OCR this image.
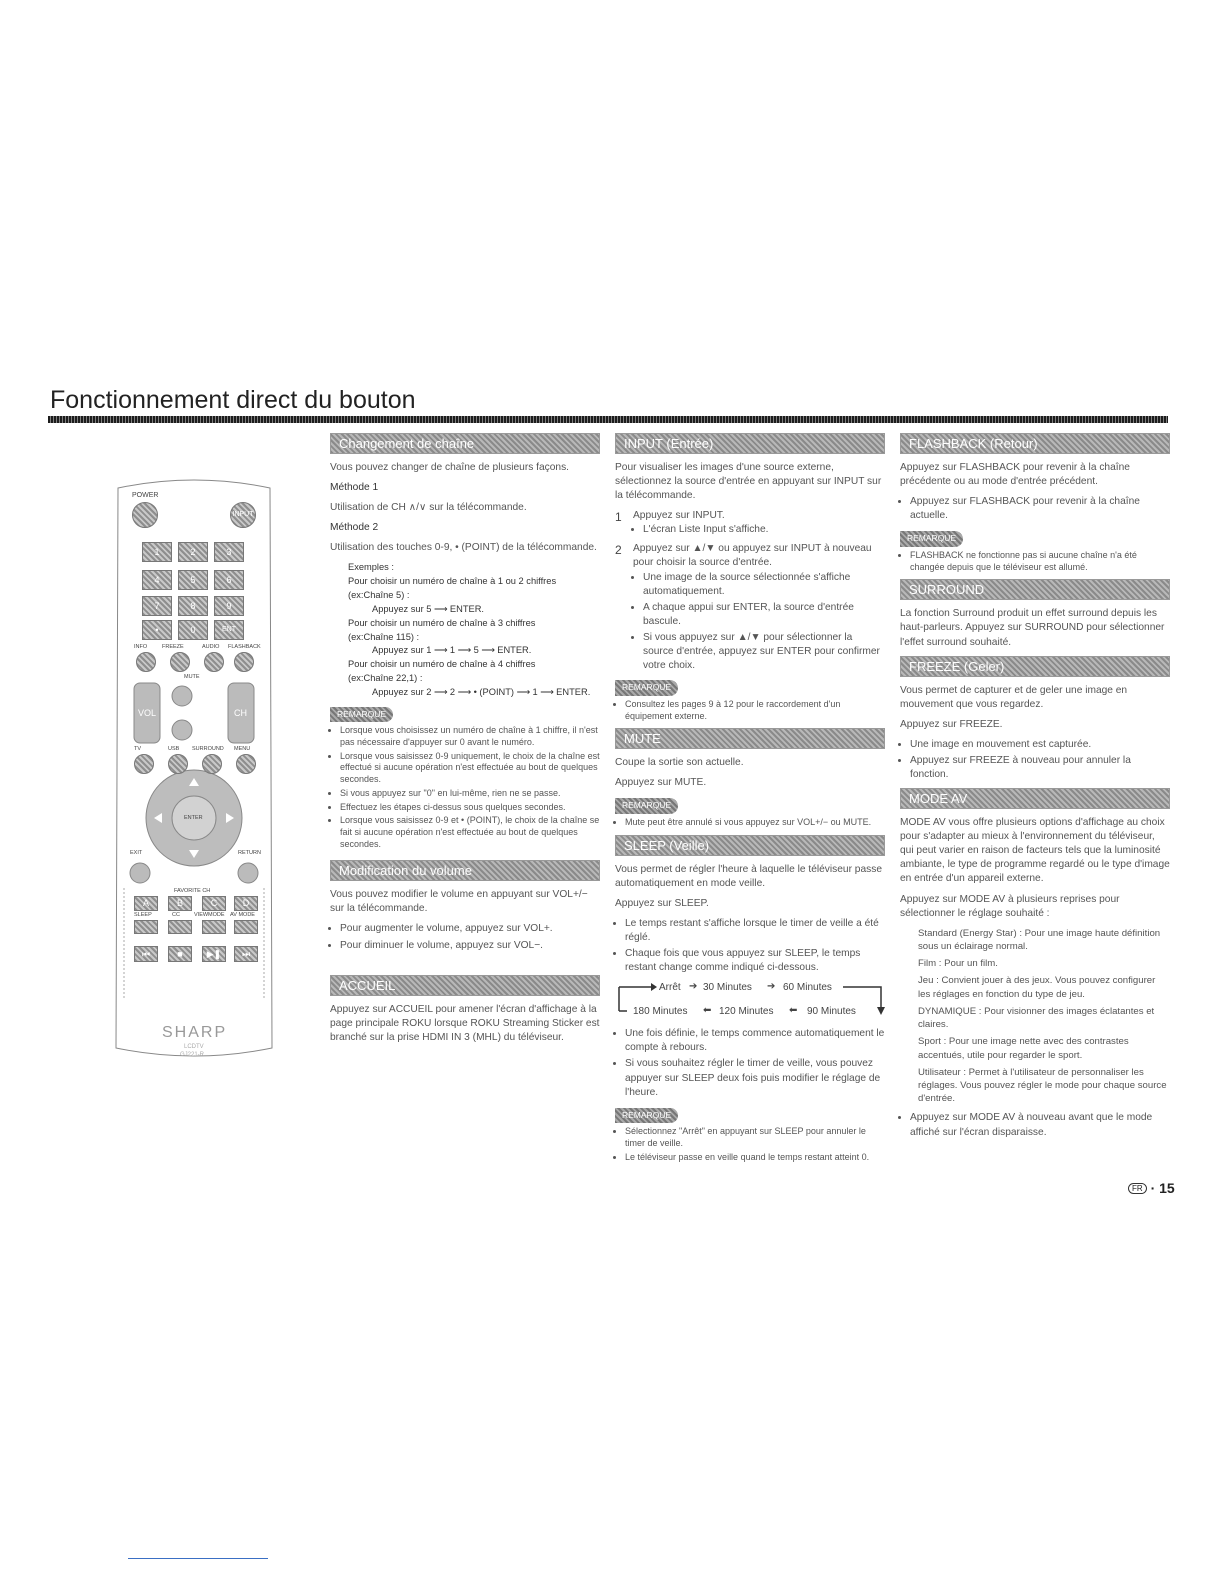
Fonctionnement direct du bouton
POWER
INPUT
1	2	3
4	5	6
7	8	9
•	0	ENT
INFO	FREEZE	AUDIO FLASHBACK
MUTE
VOL	CH
TV	USB SURROUND MENU
ENTER
EXIT	RETURN
FAVORITE CH
A	B	C	D
SLEEP	CC	VIEWMODE AV MODE
⏮	■	▶❚	⏭
SHARP
LCDTV
GJ221-R
Changement de chaîne

Vous pouvez changer de chaîne de plusieurs façons.

Méthode 1

Utilisation de CH ∧/∨ sur la télécommande.

Méthode 2

Utilisation des touches 0-9, • (POINT) de la télécommande.

Exemples :
Pour choisir un numéro de chaîne à 1 ou 2 chiffres
(ex:Chaîne 5) :
Appuyez sur 5 ⟶ ENTER.
Pour choisir un numéro de chaîne à 3 chiffres
(ex:Chaîne 115) :
Appuyez sur 1 ⟶ 1 ⟶ 5 ⟶ ENTER.
Pour choisir un numéro de chaîne à 4 chiffres
(ex:Chaîne 22,1) :
Appuyez sur 2 ⟶ 2 ⟶ • (POINT) ⟶ 1 ⟶ ENTER.
REMARQUE
• Lorsque vous choisissez un numéro de chaîne à 1 chiffre, il n'est pas nécessaire d'appuyer sur 0 avant le numéro.
• Lorsque vous saisissez 0-9 uniquement, le choix de la chaîne est effectué si aucune opération n'est effectuée au bout de quelques secondes.
• Si vous appuyez sur "0" en lui-même, rien ne se passe.
• Effectuez les étapes ci-dessus sous quelques secondes.
• Lorsque vous saisissez 0-9 et • (POINT), le choix de la chaîne se fait si aucune opération n'est effectuée au bout de quelques secondes.
Modification du volume

Vous pouvez modifier le volume en appuyant sur VOL+/− sur la télécommande.

• Pour augmenter le volume, appuyez sur VOL+.
• Pour diminuer le volume, appuyez sur VOL−.
ACCUEIL

Appuyez sur ACCUEIL pour amener l'écran d'affichage à la page principale ROKU lorsque ROKU Streaming Sticker est branché sur la prise HDMI IN 3 (MHL) du téléviseur.

INPUT (Entrée)

Pour visualiser les images d'une source externe, sélectionnez la source d'entrée en appuyant sur INPUT sur la télécommande.

1 Appuyez sur INPUT.
• L'écran Liste Input s'affiche.
2 Appuyez sur ▲/▼ ou appuyez sur INPUT à nouveau pour choisir la source d'entrée.
• Une image de la source sélectionnée s'affiche automatiquement.
• A chaque appui sur ENTER, la source d'entrée bascule.
• Si vous appuyez sur ▲/▼ pour sélectionner la source d'entrée, appuyez sur ENTER pour confirmer votre choix.
REMARQUE
• Consultez les pages 9 à 12 pour le raccordement d'un équipement externe.
MUTE

Coupe la sortie son actuelle.

Appuyez sur MUTE.

REMARQUE
• Mute peut être annulé si vous appuyez sur VOL+/− ou MUTE.
SLEEP (Veille)

Vous permet de régler l'heure à laquelle le téléviseur passe automatiquement en mode veille.

Appuyez sur SLEEP.

• Le temps restant s'affiche lorsque le timer de veille a été réglé.
• Chaque fois que vous appuyez sur SLEEP, le temps restant change comme indiqué ci-dessous.
Arrêt ➔ 30 Minutes ➔ 60 Minutes
180 Minutes ⬅ 120 Minutes ⬅ 90 Minutes
• Une fois définie, le temps commence automatiquement le compte à rebours.
• Si vous souhaitez régler le timer de veille, vous pouvez appuyer sur SLEEP deux fois puis modifier le réglage de l'heure.
REMARQUE
• Sélectionnez "Arrêt" en appuyant sur SLEEP pour annuler le timer de veille.
• Le téléviseur passe en veille quand le temps restant atteint 0.
FLASHBACK (Retour)

Appuyez sur FLASHBACK pour revenir à la chaîne précédente ou au mode d'entrée précédent.

• Appuyez sur FLASHBACK pour revenir à la chaîne actuelle.
REMARQUE
• FLASHBACK ne fonctionne pas si aucune chaîne n'a été changée depuis que le téléviseur est allumé.
SURROUND

La fonction Surround produit un effet surround depuis les haut-parleurs. Appuyez sur SURROUND pour sélectionner l'effet surround souhaité.

FREEZE (Geler)

Vous permet de capturer et de geler une image en mouvement que vous regardez.

Appuyez sur FREEZE.

• Une image en mouvement est capturée.
• Appuyez sur FREEZE à nouveau pour annuler la fonction.
MODE AV

MODE AV vous offre plusieurs options d'affichage au choix pour s'adapter au mieux à l'environnement du téléviseur, qui peut varier en raison de facteurs tels que la luminosité ambiante, le type de programme regardé ou le type d'image en entrée d'un appareil externe.

Appuyez sur MODE AV à plusieurs reprises pour sélectionner le réglage souhaité :

Standard (Energy Star) : Pour une image haute définition sous un éclairage normal.
Film : Pour un film.
Jeu : Convient jouer à des jeux. Vous pouvez configurer les réglages en fonction du type de jeu.
DYNAMIQUE : Pour visionner des images éclatantes et claires.
Sport : Pour une image nette avec des contrastes accentués, utile pour regarder le sport.
Utilisateur : Permet à l'utilisateur de personnaliser les réglages. Vous pouvez régler le mode pour chaque source d'entrée.
• Appuyez sur MODE AV à nouveau avant que le mode affiché sur l'écran disparaisse.
FR · 15
